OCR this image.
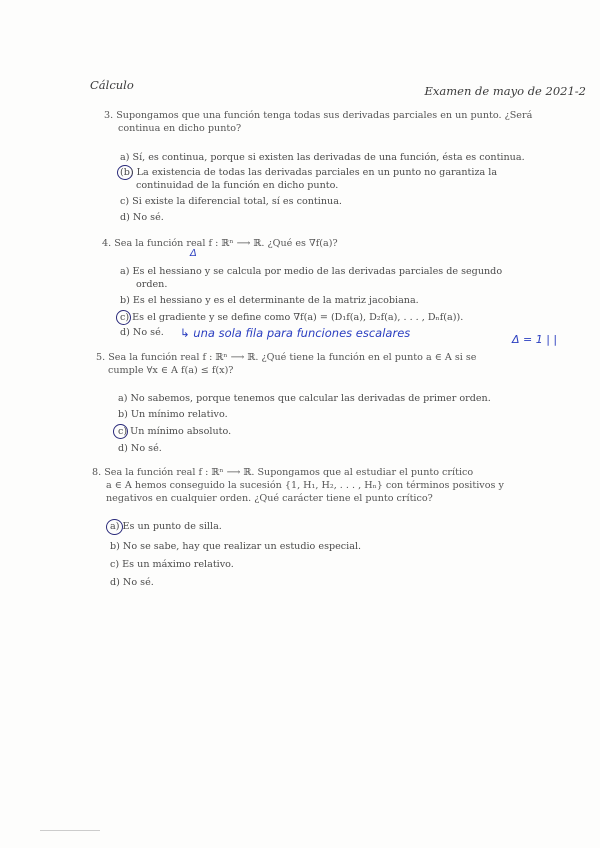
Cálculo	Examen de mayo de 2021-2
3. Supongamos que una función tenga todas sus derivadas parciales en un punto. ¿Será
continua en dicho punto?
a) Sí, es continua, porque si existen las derivadas de una función, ésta es continua.
(b) La existencia de todas las derivadas parciales en un punto no garantiza la
continuidad de la función en dicho punto.
c) Si existe la diferencial total, sí es continua.
d) No sé.
4. Sea la función real f : ℝⁿ ⟶ ℝ. ¿Qué es ∇f(a)?
Δ
a) Es el hessiano y se calcula por medio de las derivadas parciales de segundo
orden.
b) Es el hessiano y es el determinante de la matriz jacobiana.
c) Es el gradiente y se define como ∇f(a) = (D₁f(a), D₂f(a), . . . , Dₙf(a)).
d) No sé. ↳ una sola fila para funciones escalares	Δ = 1 | |
5. Sea la función real f : ℝⁿ ⟶ ℝ. ¿Qué tiene la función en el punto a ∈ A si se
cumple ∀x ∈ A f(a) ≤ f(x)?
a) No sabemos, porque tenemos que calcular las derivadas de primer orden.
b) Un mínimo relativo.
c) Un mínimo absoluto.
d) No sé.
8. Sea la función real f : ℝⁿ ⟶ ℝ. Supongamos que al estudiar el punto crítico
a ∈ A hemos conseguido la sucesión {1, H₁, H₂, . . . , Hₙ} con términos positivos y
negativos en cualquier orden. ¿Qué carácter tiene el punto crítico?
a) Es un punto de silla.
b) No se sabe, hay que realizar un estudio especial.
c) Es un máximo relativo.
d) No sé.
